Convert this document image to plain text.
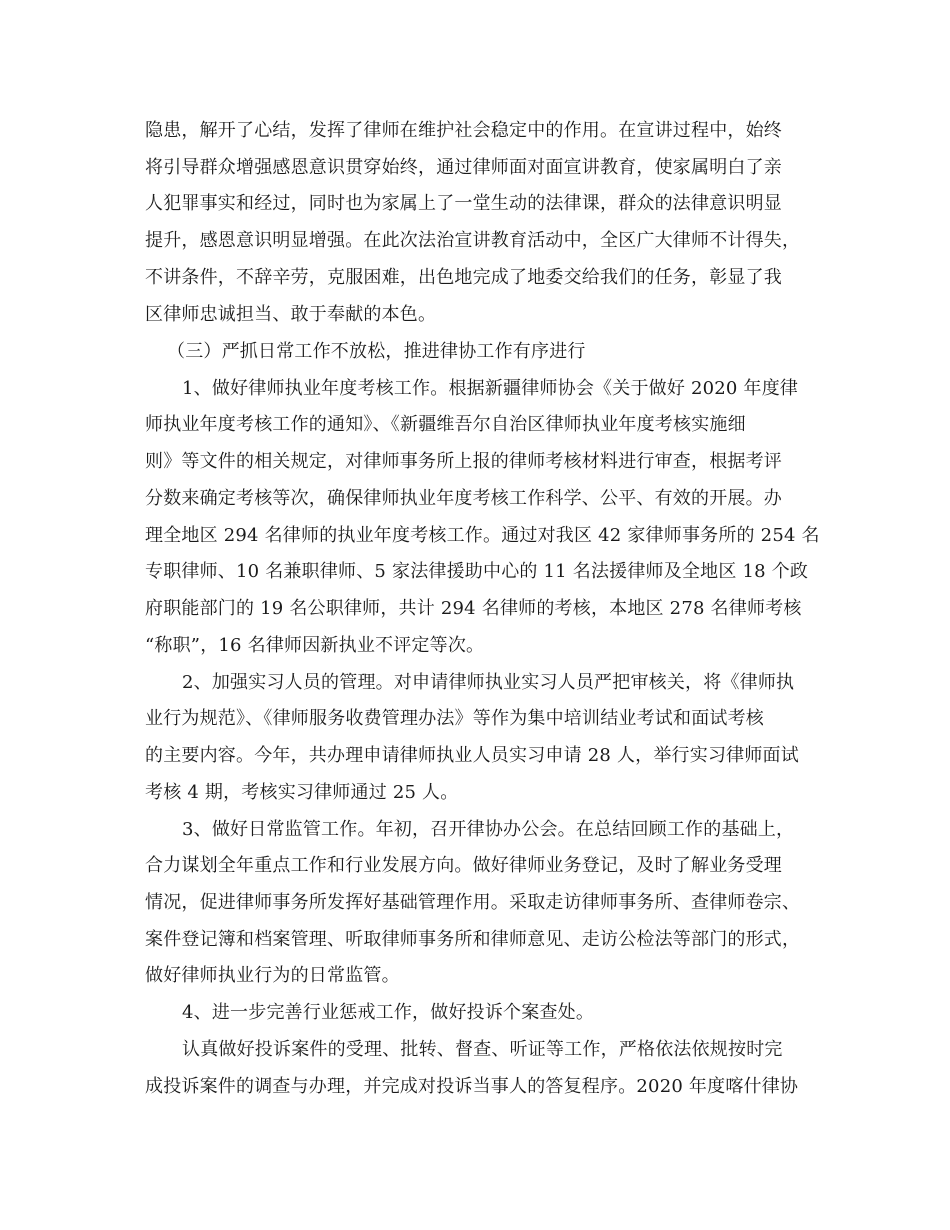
隐患，解开了心结，发挥了律师在维护社会稳定中的作用。在宣讲过程中，始终
将引导群众增强感恩意识贯穿始终，通过律师面对面宣讲教育，使家属明白了亲
人犯罪事实和经过，同时也为家属上了一堂生动的法律课，群众的法律意识明显
提升，感恩意识明显增强。在此次法治宣讲教育活动中，全区广大律师不计得失，
不讲条件，不辞辛劳，克服困难，出色地完成了地委交给我们的任务，彰显了我
区律师忠诚担当、敢于奉献的本色。
（三）严抓日常工作不放松，推进律协工作有序进行
1、做好律师执业年度考核工作。根据新疆律师协会《关于做好 2020 年度律
师执业年度考核工作的通知》、《新疆维吾尔自治区律师执业年度考核实施细
则》等文件的相关规定，对律师事务所上报的律师考核材料进行审查，根据考评
分数来确定考核等次，确保律师执业年度考核工作科学、公平、有效的开展。办
理全地区 294 名律师的执业年度考核工作。通过对我区 42 家律师事务所的 254 名
专职律师、10 名兼职律师、5 家法律援助中心的 11 名法援律师及全地区 18 个政
府职能部门的 19 名公职律师，共计 294 名律师的考核，本地区 278 名律师考核
“称职”，16 名律师因新执业不评定等次。
2、加强实习人员的管理。对申请律师执业实习人员严把审核关，将《律师执
业行为规范》、《律师服务收费管理办法》等作为集中培训结业考试和面试考核
的主要内容。今年，共办理申请律师执业人员实习申请 28 人，举行实习律师面试
考核 4 期，考核实习律师通过 25 人。
3、做好日常监管工作。年初，召开律协办公会。在总结回顾工作的基础上，
合力谋划全年重点工作和行业发展方向。做好律师业务登记，及时了解业务受理
情况，促进律师事务所发挥好基础管理作用。采取走访律师事务所、查律师卷宗、
案件登记簿和档案管理、听取律师事务所和律师意见、走访公检法等部门的形式，
做好律师执业行为的日常监管。
4、进一步完善行业惩戒工作，做好投诉个案查处。
认真做好投诉案件的受理、批转、督查、听证等工作，严格依法依规按时完
成投诉案件的调查与办理，并完成对投诉当事人的答复程序。2020 年度喀什律协
